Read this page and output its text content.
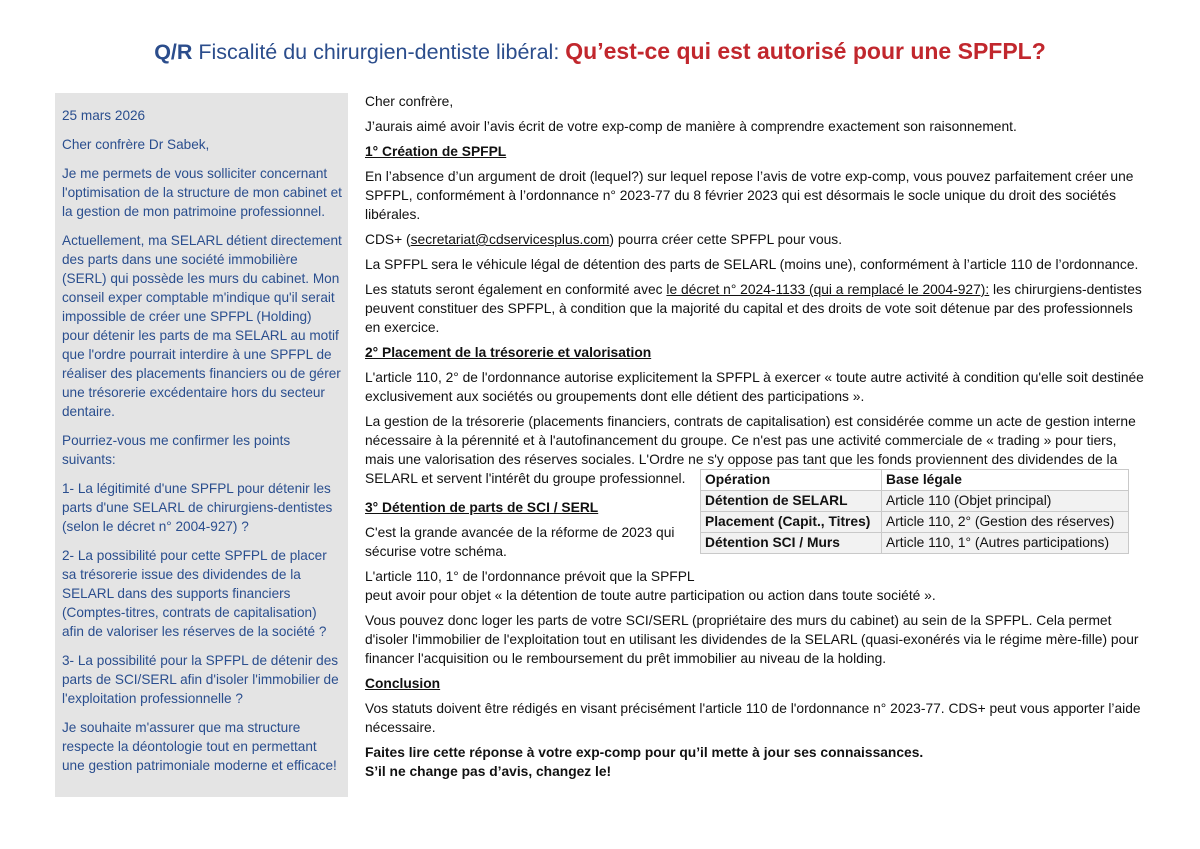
Q/R Fiscalité du chirurgien-dentiste libéral: Qu’est-ce qui est autorisé pour une SPFPL?

25 mars 2026

Cher confrère Dr Sabek,

Je me permets de vous solliciter concernant l'optimisation de la structure de mon cabinet et la gestion de mon patrimoine professionnel.

Actuellement, ma SELARL détient directement des parts dans une société immobilière (SERL) qui possède les murs du cabinet. Mon conseil exper comptable m'indique qu'il serait impossible de créer une SPFPL (Holding) pour détenir les parts de ma SELARL au motif que l'ordre pourrait interdire à une SPFPL de réaliser des placements financiers ou de gérer une trésorerie excédentaire hors du secteur dentaire.

Pourriez-vous me confirmer les points suivants:

1- La légitimité d'une SPFPL pour détenir les parts d'une SELARL de chirurgiens-dentistes (selon le décret n° 2004-927) ?

2- La possibilité pour cette SPFPL de placer sa trésorerie issue des dividendes de la SELARL dans des supports financiers (Comptes-titres, contrats de capitalisation) afin de valoriser les réserves de la société ?

3- La possibilité pour la SPFPL de détenir des parts de SCI/SERL afin d'isoler l'immobilier de l'exploitation professionnelle ?

Je souhaite m'assurer que ma structure respecte la déontologie tout en permettant une gestion patrimoniale moderne et efficace!

Cher confrère,

J’aurais aimé avoir l’avis écrit de votre exp-comp de manière à comprendre exactement son raisonnement.

1° Création de SPFPL

En l’absence d’un argument de droit (lequel?) sur lequel repose l’avis de votre exp-comp, vous pouvez parfaitement créer une SPFPL, conformément à l’ordonnance n° 2023-77 du 8 février 2023 qui est désormais le socle unique du droit des sociétés libérales.

CDS+ (secretariat@cdservicesplus.com) pourra créer cette SPFPL pour vous.

La SPFPL sera le véhicule légal de détention des parts de SELARL (moins une), conformément à l’article 110 de l’ordonnance.

Les statuts seront également en conformité avec le décret n° 2024-1133 (qui a remplacé le 2004-927): les chirurgiens-dentistes peuvent constituer des SPFPL, à condition que la majorité du capital et des droits de vote soit détenue par des professionnels en exercice.

2° Placement de la trésorerie et valorisation

L'article 110, 2° de l'ordonnance autorise explicitement la SPFPL à exercer « toute autre activité à condition qu'elle soit destinée exclusivement aux sociétés ou groupements dont elle détient des participations ».

La gestion de la trésorerie (placements financiers, contrats de capitalisation) est considérée comme un acte de gestion interne nécessaire à la pérennité et à l'autofinancement du groupe. Ce n'est pas une activité commerciale de « trading » pour tiers, mais une valorisation des réserves sociales. L'Ordre ne s'y oppose pas tant que les fonds proviennent des dividendes de la SELARL et servent l'intérêt du groupe professionnel.

3° Détention de parts de SCI / SERL

C'est la grande avancée de la réforme de 2023 qui sécurise votre schéma.

L'article 110, 1° de l'ordonnance prévoit que la SPFPL
peut avoir pour objet « la détention de toute autre participation ou action dans toute société ».

Vous pouvez donc loger les parts de votre SCI/SERL (propriétaire des murs du cabinet) au sein de la SPFPL. Cela permet d'isoler l'immobilier de l'exploitation tout en utilisant les dividendes de la SELARL (quasi-exonérés via le régime mère-fille) pour financer l'acquisition ou le remboursement du prêt immobilier au niveau de la holding.

Conclusion

Vos statuts doivent être rédigés en visant précisément l'article 110 de l'ordonnance n° 2023-77. CDS+ peut vous apporter l’aide nécessaire.

Faites lire cette réponse à votre exp-comp pour qu’il mette à jour ses connaissances.

S’il ne change pas d’avis, changez le!

Opération	Base légale
Détention de SELARL	Article 110 (Objet principal)
Placement (Capit., Titres)	Article 110, 2° (Gestion des réserves)
Détention SCI / Murs	Article 110, 1° (Autres participations)
